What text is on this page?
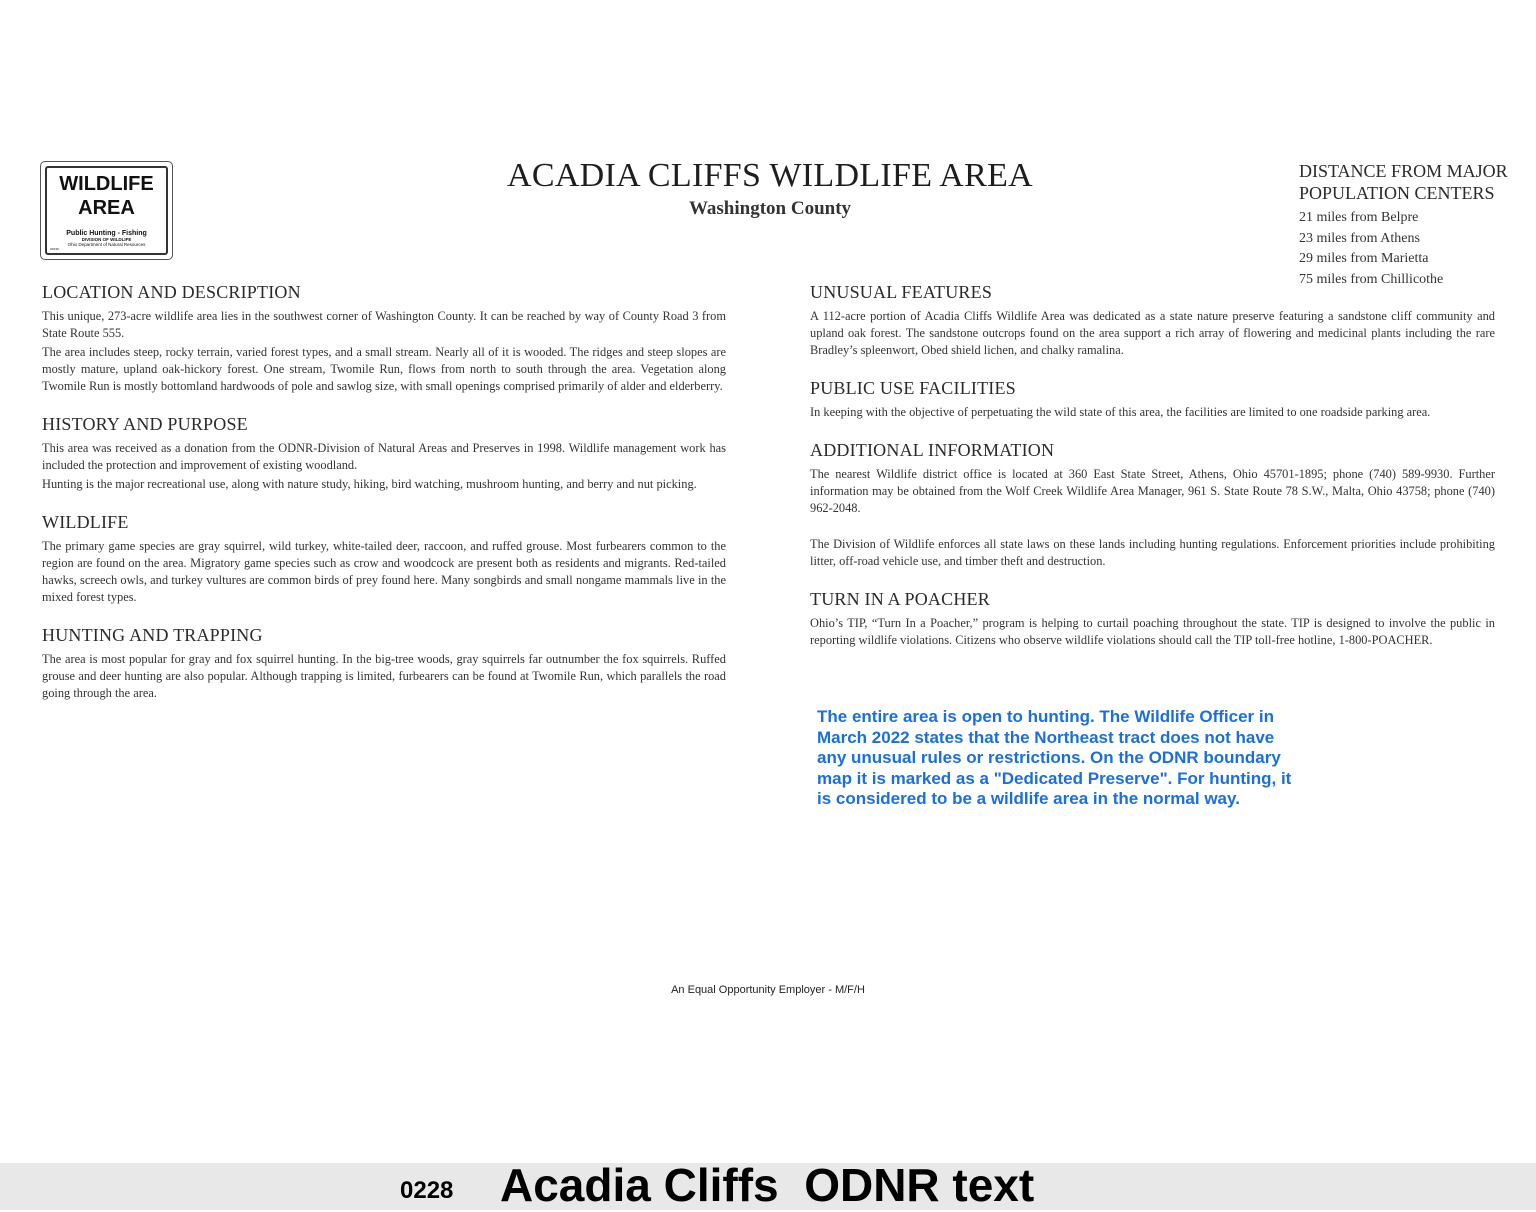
WILDLIFE
AREA
Public Hunting - Fishing
DIVISION OF WILDLIFE
Ohio Department of Natural Resources
ODNR
ACADIA CLIFFS WILDLIFE AREA
Washington County
DISTANCE FROM MAJOR
POPULATION CENTERS
21 miles from Belpre
23 miles from Athens
29 miles from Marietta
75 miles from Chillicothe
LOCATION AND DESCRIPTION

This unique, 273-acre wildlife area lies in the southwest corner of Washington County. It can be reached by way of County Road 3 from State Route 555.

The area includes steep, rocky terrain, varied forest types, and a small stream. Nearly all of it is wooded. The ridges and steep slopes are mostly mature, upland oak-hickory forest. One stream, Twomile Run, flows from north to south through the area. Vegetation along Twomile Run is mostly bottomland hardwoods of pole and sawlog size, with small openings comprised primarily of alder and elderberry.

HISTORY AND PURPOSE

This area was received as a donation from the ODNR-Division of Natural Areas and Preserves in 1998. Wildlife management work has included the protection and improvement of existing woodland.

Hunting is the major recreational use, along with nature study, hiking, bird watching, mushroom hunting, and berry and nut picking.

WILDLIFE

The primary game species are gray squirrel, wild turkey, white-tailed deer, raccoon, and ruffed grouse. Most furbearers common to the region are found on the area. Migratory game species such as crow and woodcock are present both as residents and migrants. Red-tailed hawks, screech owls, and turkey vultures are common birds of prey found here. Many songbirds and small nongame mammals live in the mixed forest types.

HUNTING AND TRAPPING

The area is most popular for gray and fox squirrel hunting. In the big-tree woods, gray squirrels far outnumber the fox squirrels. Ruffed grouse and deer hunting are also popular. Although trapping is limited, furbearers can be found at Twomile Run, which parallels the road going through the area.

UNUSUAL FEATURES

A 112-acre portion of Acadia Cliffs Wildlife Area was dedicated as a state nature preserve featuring a sandstone cliff community and upland oak forest. The sandstone outcrops found on the area support a rich array of flowering and medicinal plants including the rare Bradley’s spleenwort, Obed shield lichen, and chalky ramalina.

PUBLIC USE FACILITIES

In keeping with the objective of perpetuating the wild state of this area, the facilities are limited to one roadside parking area.

ADDITIONAL INFORMATION

The nearest Wildlife district office is located at 360 East State Street, Athens, Ohio 45701-1895; phone (740) 589-9930. Further information may be obtained from the Wolf Creek Wildlife Area Manager, 961 S. State Route 78 S.W., Malta, Ohio 43758; phone (740) 962-2048.

The Division of Wildlife enforces all state laws on these lands including hunting regulations. Enforcement priorities include prohibiting litter, off-road vehicle use, and timber theft and destruction.

TURN IN A POACHER

Ohio’s TIP, “Turn In a Poacher,” program is helping to curtail poaching throughout the state. TIP is designed to involve the public in reporting wildlife violations. Citizens who observe wildlife violations should call the TIP toll-free hotline, 1-800-POACHER.

The entire area is open to hunting. The Wildlife Officer in March 2022 states that the Northeast tract does not have any unusual rules or restrictions. On the ODNR boundary map it is marked as a "Dedicated Preserve". For hunting, it is considered to be a wildlife area in the normal way.
An Equal Opportunity Employer - M/F/H
0228 Acadia Cliffs  ODNR text
